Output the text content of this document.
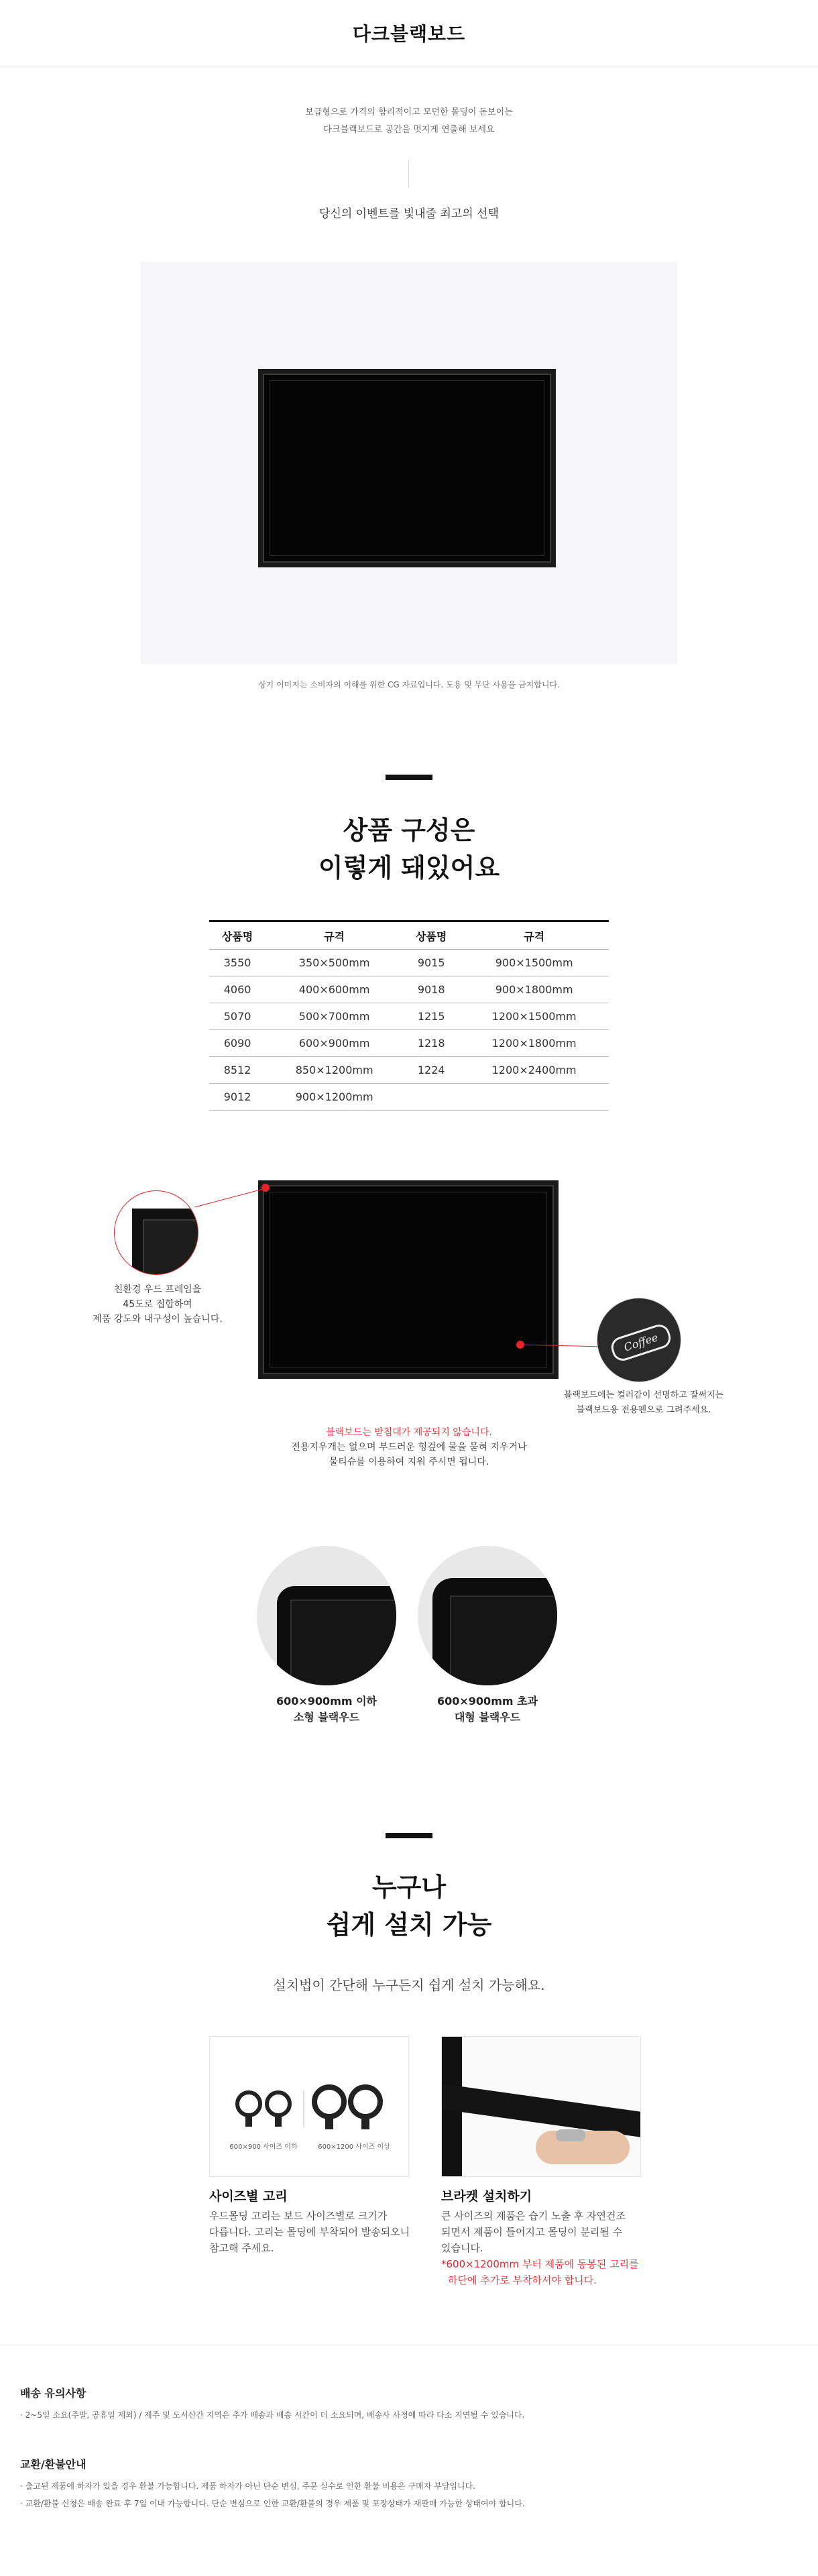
다크블랙보드
보급형으로 가격의 합리적이고 모던한 몰딩이 돋보이는
다크블랙보드로 공간을 멋지게 연출해 보세요
당신의 이벤트를 빛내줄 최고의 선택
상기 이미지는 소비자의 이해를 위한 CG 자료입니다. 도용 및 무단 사용을 금지합니다.
상품 구성은
이렇게 돼있어요
상품명	규격	상품명	규격
3550	350×500mm	9015	900×1500mm
4060	400×600mm	9018	900×1800mm
5070	500×700mm	1215	1200×1500mm
6090	600×900mm	1218	1200×1800mm
8512	850×1200mm	1224	1200×2400mm
9012	900×1200mm		
친환경 우드 프레임을
45도로 접합하여
제품 강도와 내구성이 높습니다.
Coffee
블랙보드에는 컬러감이 선명하고 잘써지는
블랙보드용 전용펜으로 그려주세요.
블랙보드는 받침대가 제공되지 않습니다.
전용지우개는 없으며 부드러운 헝겊에 물을 묻혀 지우거나
물티슈를 이용하여 지워 주시면 됩니다.
600×900mm 이하
소형 블랙우드
600×900mm 초과
대형 블랙우드
누구나
쉽게 설치 가능
설치법이 간단해 누구든지 쉽게 설치 가능해요.
600×900 사이즈 이하	600×1200 사이즈 이상
사이즈별 고리
우드몰딩 고리는 보드 사이즈별로 크기가
다릅니다. 고리는 몰딩에 부착되어 발송되오니
참고해 주세요.
브라켓 설치하기
큰 사이즈의 제품은 습기 노출 후 자연건조
되면서 제품이 틀어지고 몰딩이 분리될 수
있습니다.
*600×1200mm 부터 제품에 동봉된 고리를
하단에 추가로 부착하셔야 합니다.
배송 유의사항
· 2~5일 소요(주말, 공휴일 제외) / 제주 및 도서산간 지역은 추가 배송과 배송 시간이 더 소요되며, 배송사 사정에 따라 다소 지연될 수 있습니다.
교환/환불안내
· 출고된 제품에 하자가 있을 경우 환불 가능합니다. 제품 하자가 아닌 단순 변심, 주문 실수로 인한 환불 비용은 구매자 부담입니다.
· 교환/환불 신청은 배송 완료 후 7일 이내 가능합니다. 단순 변심으로 인한 교환/환불의 경우 제품 및 포장상태가 재판매 가능한 상태여야 합니다.
